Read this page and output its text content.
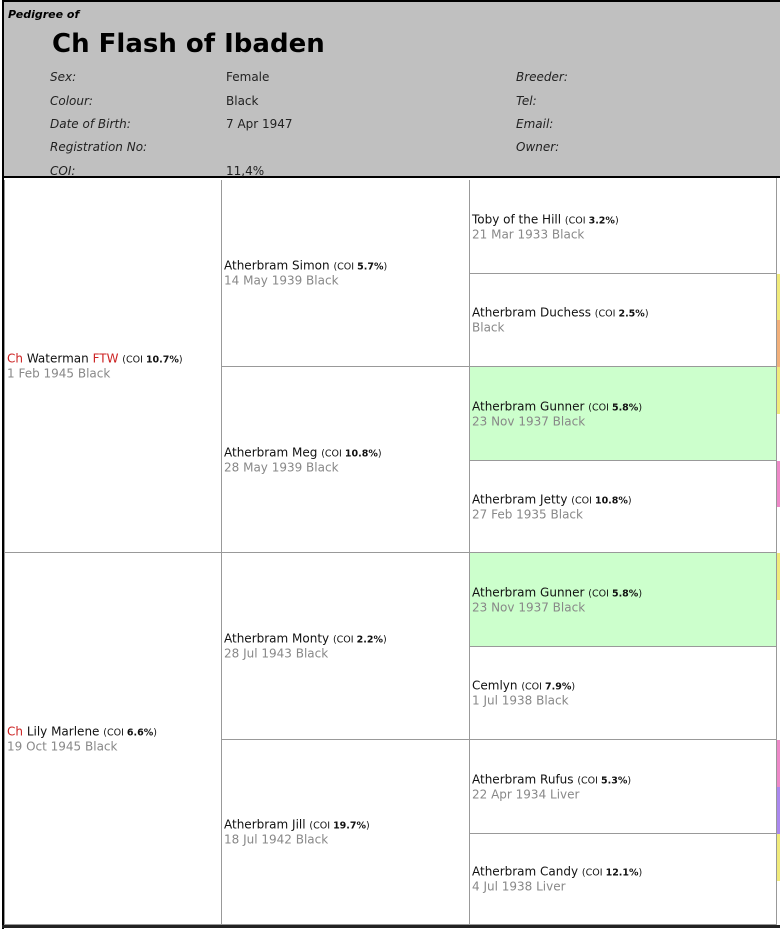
Pedigree of
Ch Flash of Ibaden
Sex:
Colour:
Date of Birth:
Registration No:
COI:
Female
Black
7 Apr 1947
11,4%
Breeder:
Tel:
Email:
Owner:
Ch Waterman FTW (COI 10.7%)
1 Feb 1945 Black
Ch Lily Marlene (COI 6.6%)
19 Oct 1945 Black
Atherbram Simon (COI 5.7%)
14 May 1939 Black
Atherbram Meg (COI 10.8%)
28 May 1939 Black
Atherbram Monty (COI 2.2%)
28 Jul 1943 Black
Atherbram Jill (COI 19.7%)
18 Jul 1942 Black
Toby of the Hill (COI 3.2%)
21 Mar 1933 Black
Atherbram Duchess (COI 2.5%)
Black
Atherbram Gunner (COI 5.8%)
23 Nov 1937 Black
Atherbram Jetty (COI 10.8%)
27 Feb 1935 Black
Atherbram Gunner (COI 5.8%)
23 Nov 1937 Black
Cemlyn (COI 7.9%)
1 Jul 1938 Black
Atherbram Rufus (COI 5.3%)
22 Apr 1934 Liver
Atherbram Candy (COI 12.1%)
4 Jul 1938 Liver
